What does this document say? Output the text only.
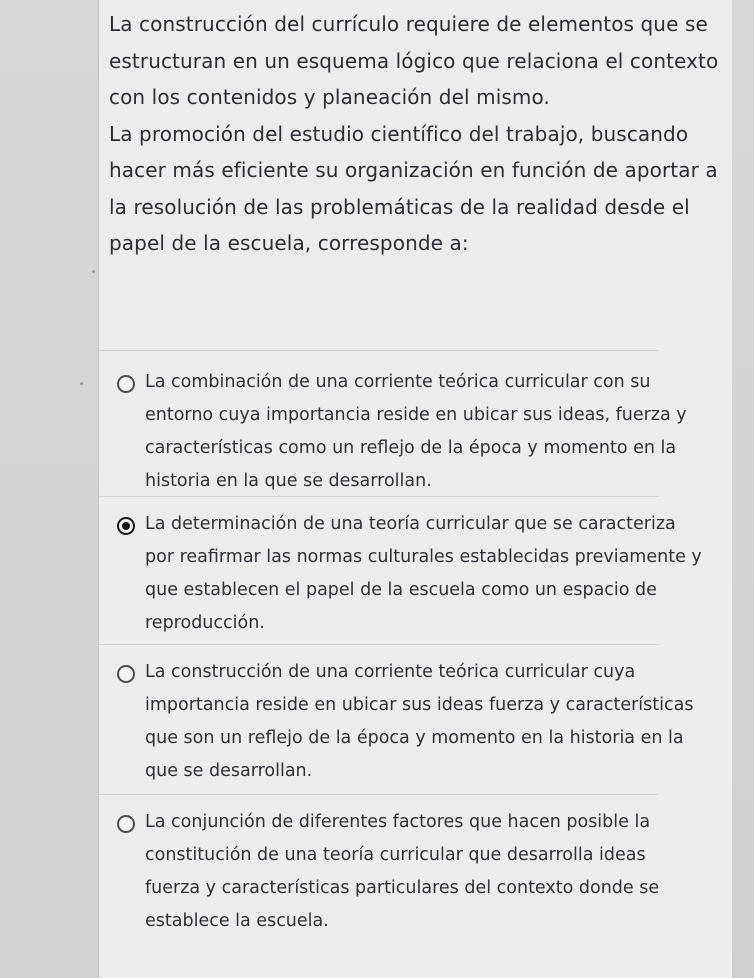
La construcción del currículo requiere de elementos que se estructuran en un esquema lógico que relaciona el contexto con los contenidos y planeación del mismo.

La promoción del estudio científico del trabajo, buscando hacer más eficiente su organización en función de aportar a la resolución de las problemáticas de la realidad desde el papel de la escuela, corresponde a:

La combinación de una corriente teórica curricular con su entorno cuya importancia reside en ubicar sus ideas, fuerza y características como un reflejo de la época y momento en la historia en la que se desarrollan.
La determinación de una teoría curricular que se caracteriza por reafirmar las normas culturales establecidas previamente y que establecen el papel de la escuela como un espacio de reproducción.
La construcción de una corriente teórica curricular cuya importancia reside en ubicar sus ideas fuerza y características que son un reflejo de la época y momento en la historia en la que se desarrollan.
La conjunción de diferentes factores que hacen posible la constitución de una teoría curricular que desarrolla ideas fuerza y características particulares del contexto donde se establece la escuela.
